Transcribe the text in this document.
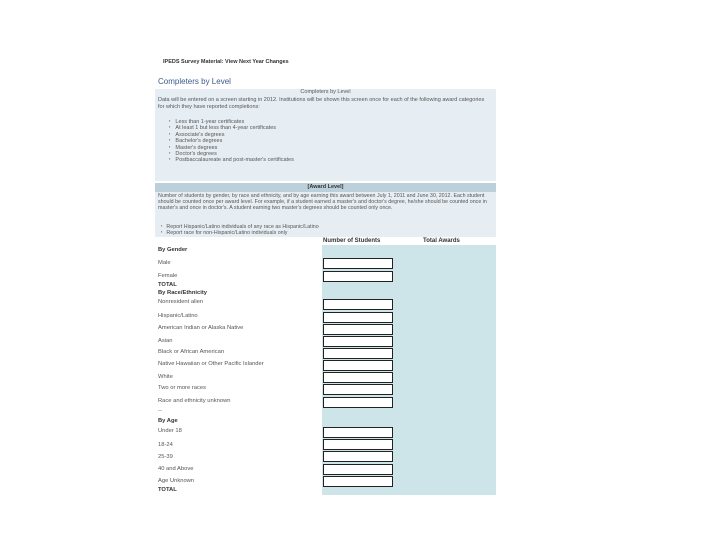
IPEDS Survey Material: View Next Year Changes
Completers by Level
Completers by Level
Data will be entered on a screen starting in 2012. Institutions will be shown this screen once for each of the following award categories for which they have reported completions:
▪ Less than 1-year certificates
▪ At least 1 but less than 4-year certificates
▪ Associate's degrees
▪ Bachelor's degrees
▪ Master's degrees
▪ Doctor's degrees
▪ Postbaccalaureate and post-master's certificates
[Award Level]
Number of students by gender, by race and ethnicity, and by age earning this award between July 1, 2011 and June 30, 2012. Each student should be counted once per award level. For example, if a student earned a master's and doctor's degree, he/she should be counted once in master's and once in doctor's. A student earning two master's degrees should be counted only once.
▪ Report Hispanic/Latino individuals of any race as Hispanic/Latino
▪ Report race for non-Hispanic/Latino individuals only
Number of Students	Total Awards
By Gender
Male
Female
TOTAL
By Race/Ethnicity
Nonresident alien
Hispanic/Latino
American Indian or Alaska Native
Asian
Black or African American
Native Hawaiian or Other Pacific Islander
White
Two or more races
Race and ethnicity unknown
--
By Age
Under 18
18-24
25-39
40 and Above
Age Unknown
TOTAL
